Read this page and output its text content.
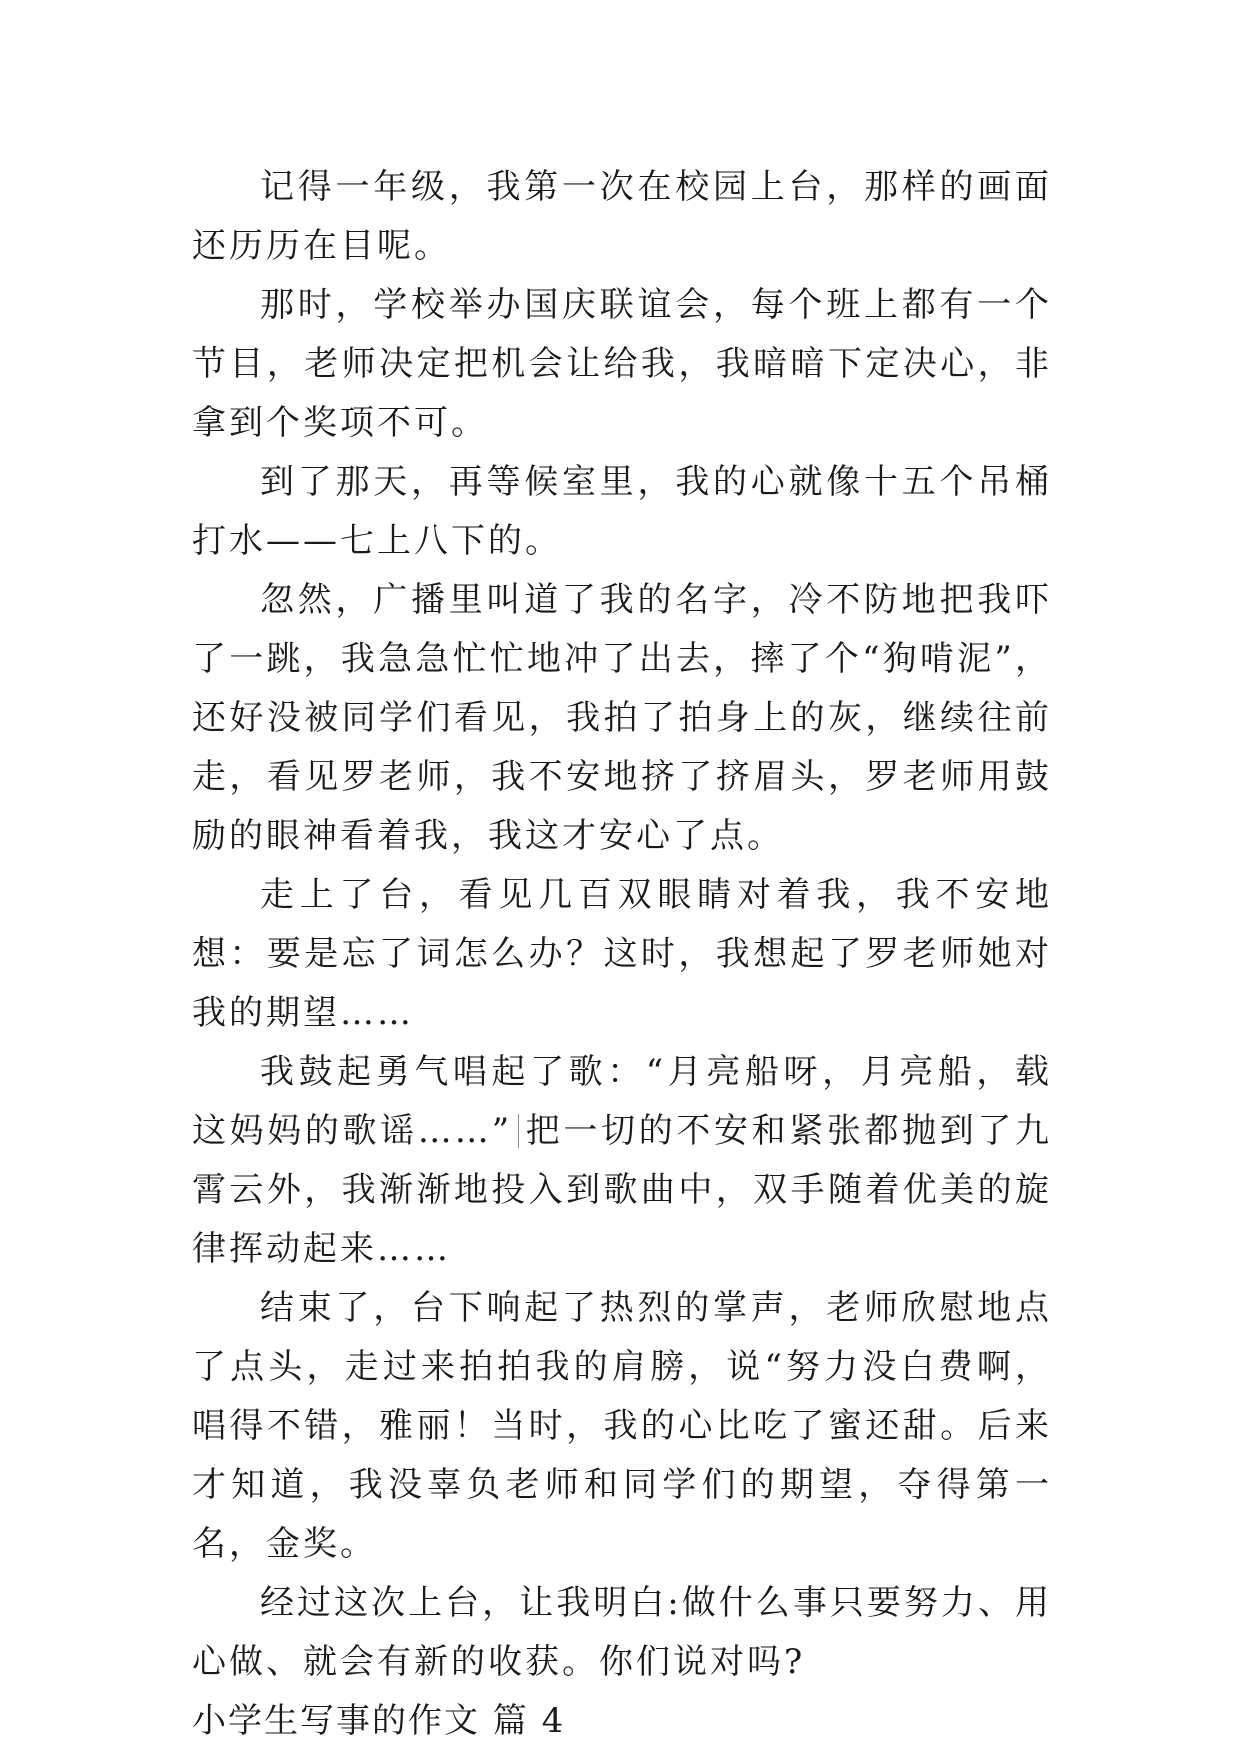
记得一年级，我第一次在校园上台，那样的画面还历历在目呢。

那时，学校举办国庆联谊会，每个班上都有一个节目，老师决定把机会让给我，我暗暗下定决心，非拿到个奖项不可。

到了那天，再等候室里，我的心就像十五个吊桶打水——七上八下的。

忽然，广播里叫道了我的名字，冷不防地把我吓了一跳，我急急忙忙地冲了出去，摔了个“狗啃泥”，还好没被同学们看见，我拍了拍身上的灰，继续往前走，看见罗老师，我不安地挤了挤眉头，罗老师用鼓励的眼神看着我，我这才安心了点。

走上了台，看见几百双眼睛对着我，我不安地想：要是忘了词怎么办？这时，我想起了罗老师她对我的期望……

我鼓起勇气唱起了歌：“月亮船呀，月亮船，载这妈妈的歌谣……” 把一切的不安和紧张都抛到了九霄云外，我渐渐地投入到歌曲中，双手随着优美的旋律挥动起来……

结束了，台下响起了热烈的掌声，老师欣慰地点了点头，走过来拍拍我的肩膀，说“努力没白费啊，唱得不错，雅丽！当时，我的心比吃了蜜还甜。后来才知道，我没辜负老师和同学们的期望，夺得第一名，金奖。

经过这次上台，让我明白:做什么事只要努力、用心做、就会有新的收获。你们说对吗?

小学生写事的作文 篇 4
